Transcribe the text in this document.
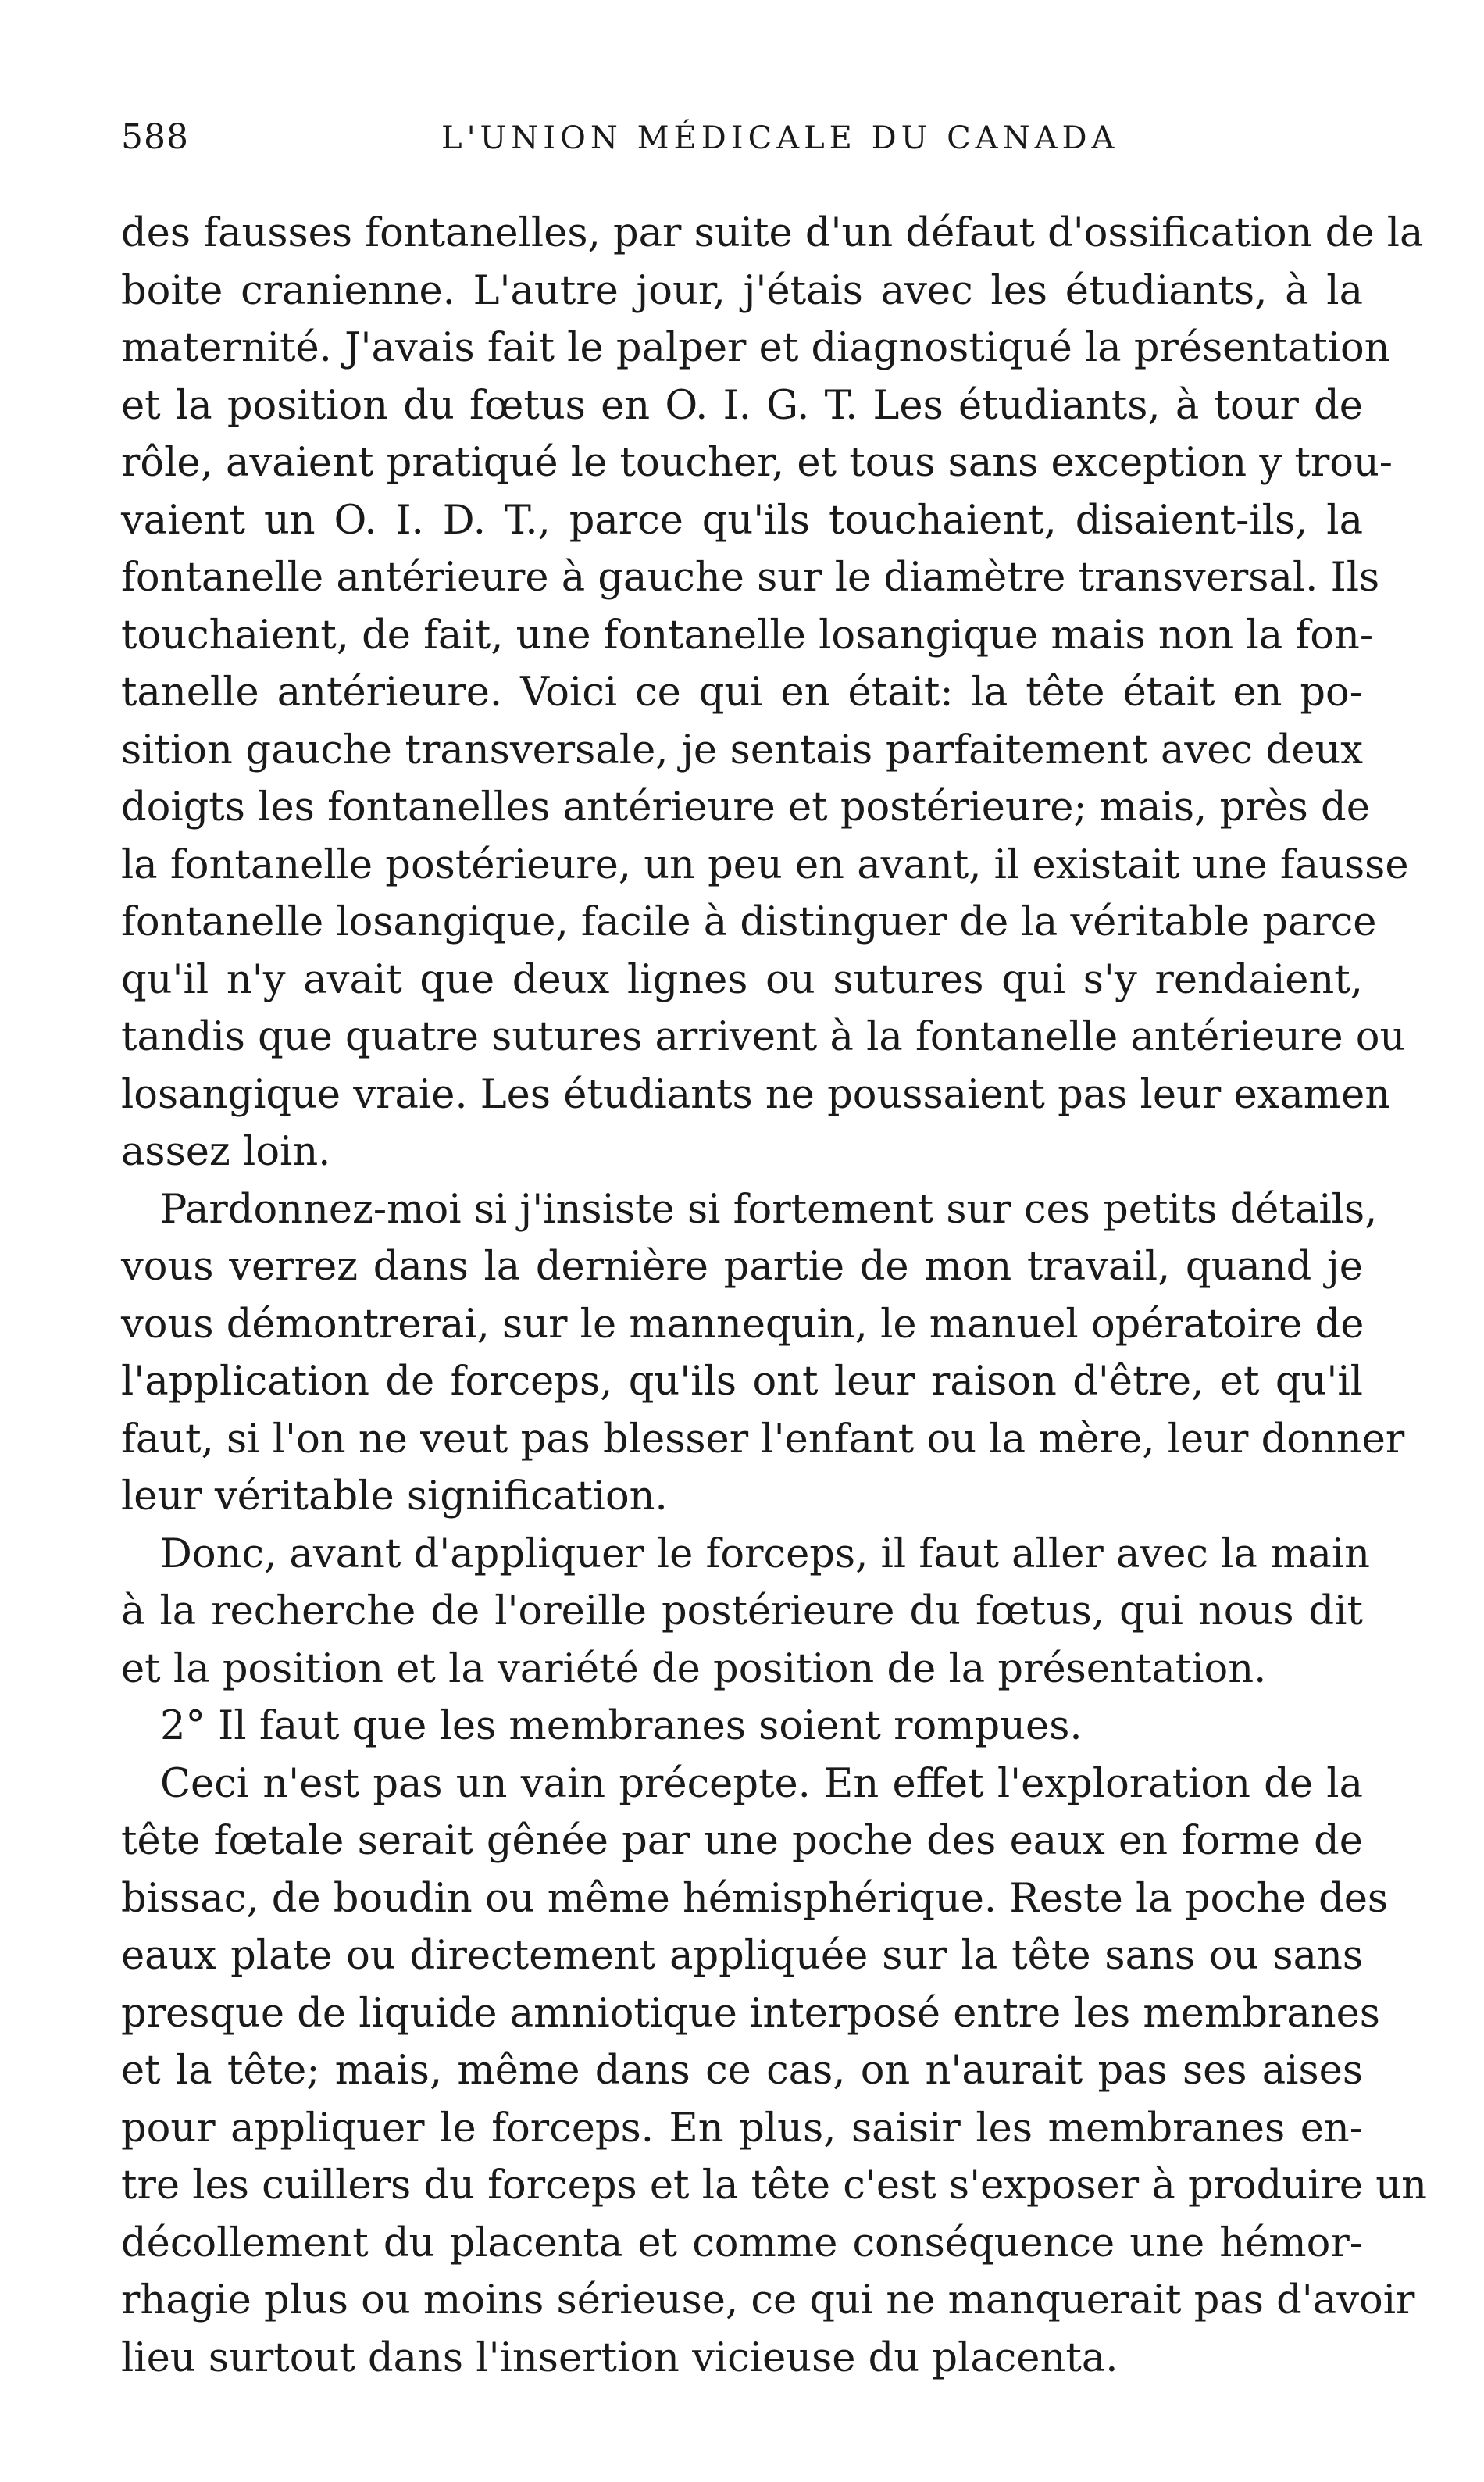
588	L'UNION MÉDICALE DU CANADA
des fausses fontanelles, par suite d'un défaut d'ossification de la
boite cranienne. L'autre jour, j'étais avec les étudiants, à la
maternité. J'avais fait le palper et diagnostiqué la présentation
et la position du fœtus en O. I. G. T. Les étudiants, à tour de
rôle, avaient pratiqué le toucher, et tous sans exception y trou-
vaient un O. I. D. T., parce qu'ils touchaient, disaient-ils, la
fontanelle antérieure à gauche sur le diamètre transversal. Ils
touchaient, de fait, une fontanelle losangique mais non la fon-
tanelle antérieure. Voici ce qui en était: la tête était en po-
sition gauche transversale, je sentais parfaitement avec deux
doigts les fontanelles antérieure et postérieure; mais, près de
la fontanelle postérieure, un peu en avant, il existait une fausse
fontanelle losangique, facile à distinguer de la véritable parce
qu'il n'y avait que deux lignes ou sutures qui s'y rendaient,
tandis que quatre sutures arrivent à la fontanelle antérieure ou
losangique vraie. Les étudiants ne poussaient pas leur examen
assez loin.
Pardonnez-moi si j'insiste si fortement sur ces petits détails,
vous verrez dans la dernière partie de mon travail, quand je
vous démontrerai, sur le mannequin, le manuel opératoire de
l'application de forceps, qu'ils ont leur raison d'être, et qu'il
faut, si l'on ne veut pas blesser l'enfant ou la mère, leur donner
leur véritable signification.
Donc, avant d'appliquer le forceps, il faut aller avec la main
à la recherche de l'oreille postérieure du fœtus, qui nous dit
et la position et la variété de position de la présentation.
2° Il faut que les membranes soient rompues.
Ceci n'est pas un vain précepte. En effet l'exploration de la
tête fœtale serait gênée par une poche des eaux en forme de
bissac, de boudin ou même hémisphérique. Reste la poche des
eaux plate ou directement appliquée sur la tête sans ou sans
presque de liquide amniotique interposé entre les membranes
et la tête; mais, même dans ce cas, on n'aurait pas ses aises
pour appliquer le forceps. En plus, saisir les membranes en-
tre les cuillers du forceps et la tête c'est s'exposer à produire un
décollement du placenta et comme conséquence une hémor-
rhagie plus ou moins sérieuse, ce qui ne manquerait pas d'avoir
lieu surtout dans l'insertion vicieuse du placenta.
